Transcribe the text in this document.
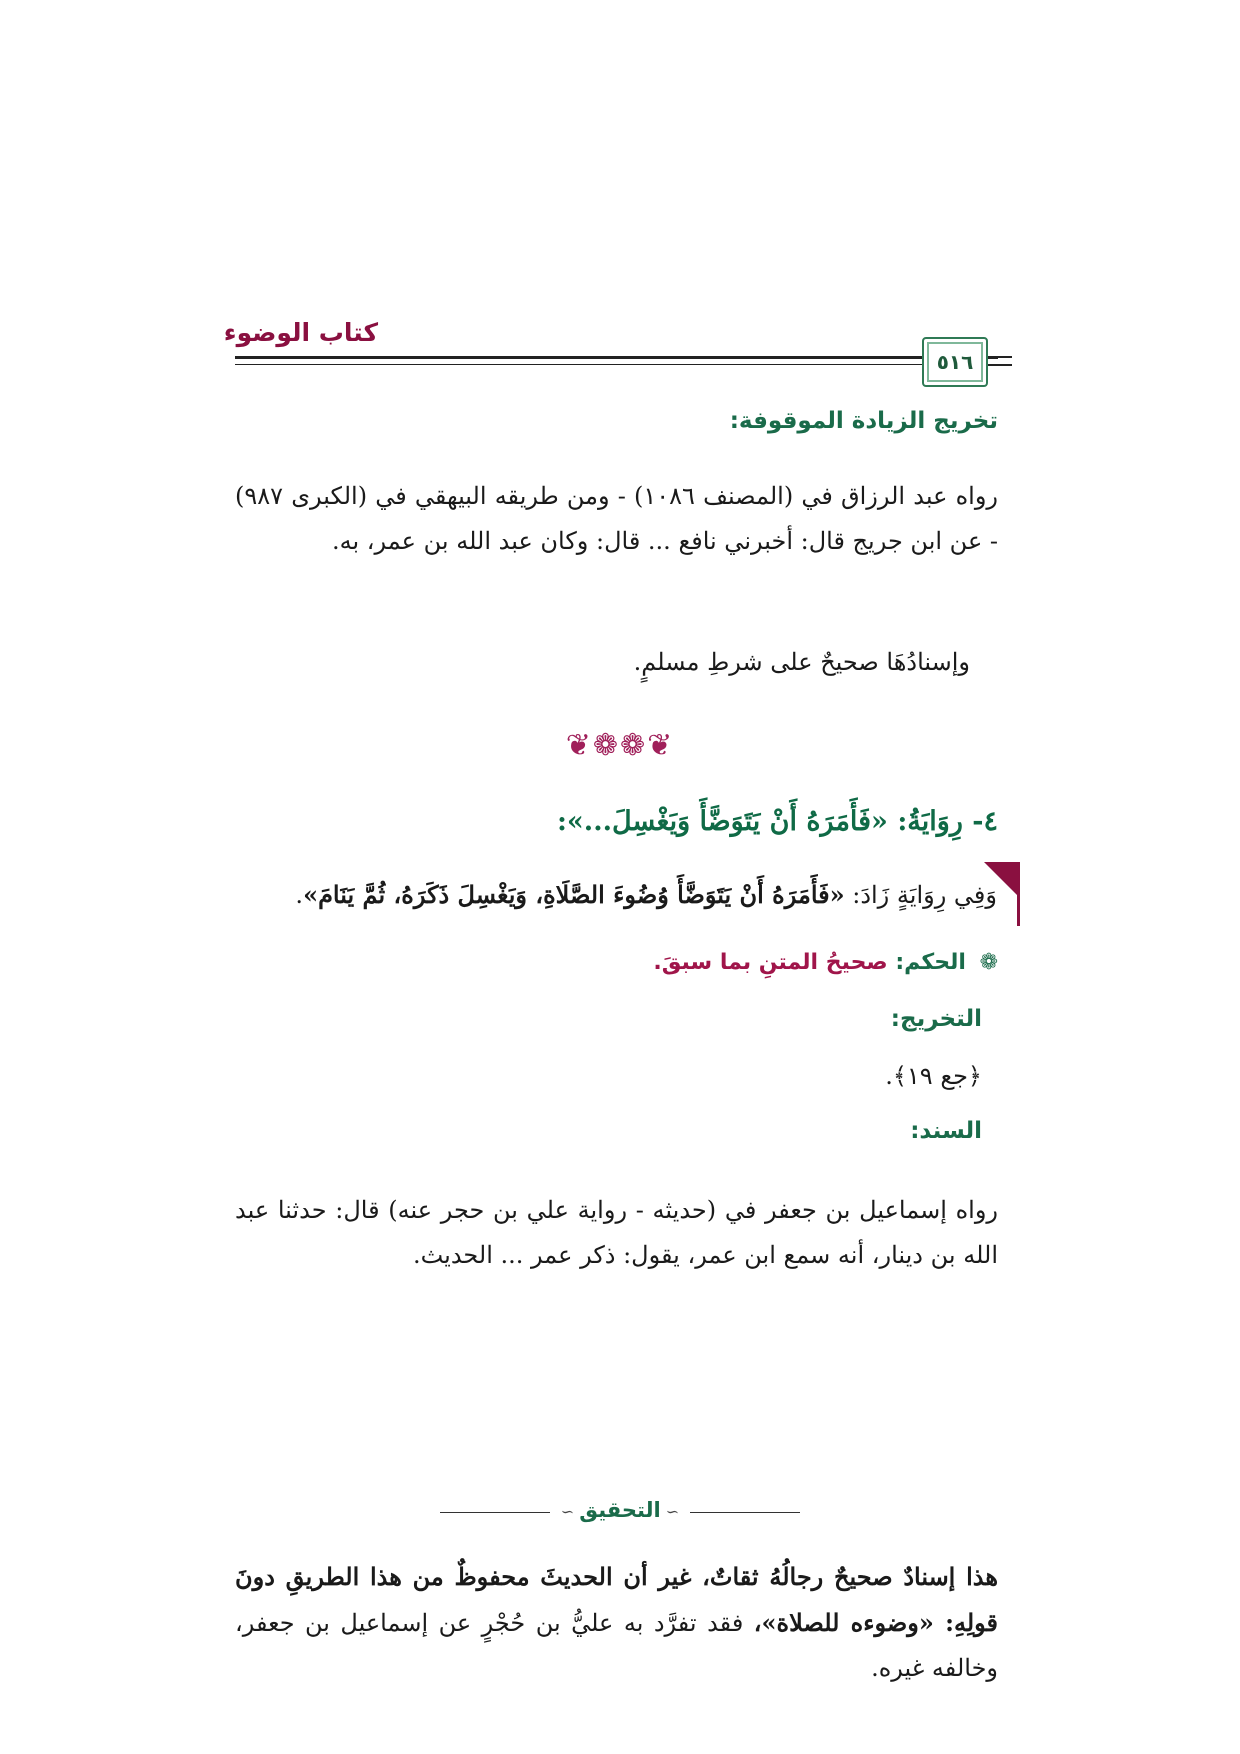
كتاب الوضوء
٥١٦
تخريج الزيادة الموقوفة:
رواه عبد الرزاق في (المصنف ١٠٨٦) - ومن طريقه البيهقي في (الكبرى ٩٨٧) - عن ابن جريج قال: أخبرني نافع ... قال: وكان عبد الله بن عمر، به.
وإسنادُهَا صحيحٌ على شرطِ مسلمٍ.
❦❁❁❦
٤- رِوَايَةُ: «فَأَمَرَهُ أَنْ يَتَوَضَّأَ وَيَغْسِلَ...»:
وَفِي رِوَايَةٍ زَادَ: «فَأَمَرَهُ أَنْ يَتَوَضَّأَ وُضُوءَ الصَّلَاةِ، وَيَغْسِلَ ذَكَرَهُ، ثُمَّ يَنَامَ».
❁ الحكم: صحيحُ المتنِ بما سبقَ.
التخريج:
﴿جع ١٩﴾.
السند:
رواه إسماعيل بن جعفر في (حديثه - رواية علي بن حجر عنه) قال: حدثنا عبد الله بن دينار، أنه سمع ابن عمر، يقول: ذكر عمر ... الحديث.
∽ التحقيق ∽
هذا إسنادٌ صحيحٌ رجالُهُ ثقاتٌ، غير أن الحديثَ محفوظٌ من هذا الطريقِ دونَ قولِهِ: «وضوءه للصلاة»، فقد تفرَّد به عليُّ بن حُجْرٍ عن إسماعيل بن جعفر، وخالفه غيره.
